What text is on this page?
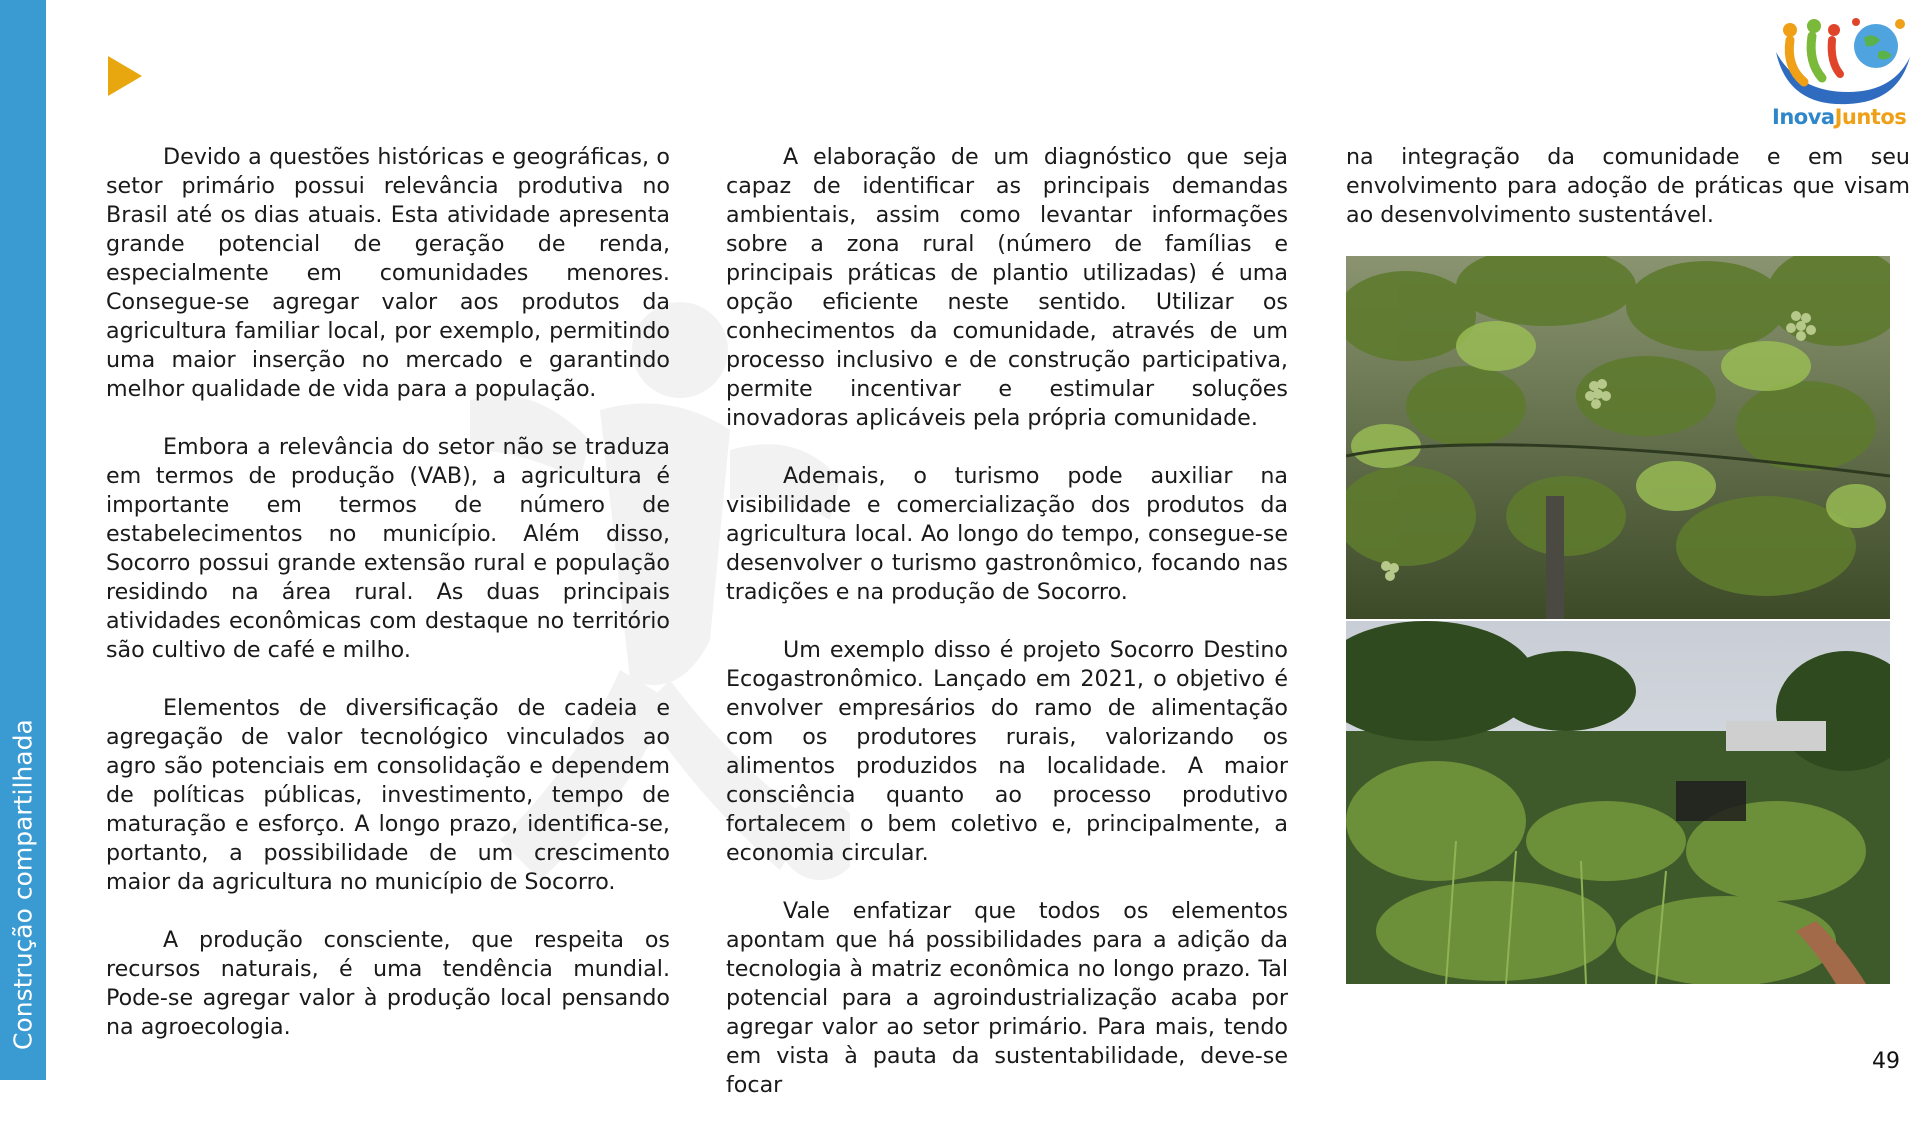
Construção compartilhada

Devido a questões históricas e geográficas, o setor primário possui relevância produtiva no Brasil até os dias atuais. Esta atividade apresenta grande potencial de geração de renda, especialmente em comunidades menores. Consegue-se agregar valor aos produtos da agricultura familiar local, por exemplo, permitindo uma maior inserção no mercado e garantindo melhor qualidade de vida para a população.

Embora a relevância do setor não se traduza em termos de produção (VAB), a agricultura é importante em termos de número de estabelecimentos no município. Além disso, Socorro possui grande extensão rural e população residindo na área rural. As duas principais atividades econômicas com destaque no território são cultivo de café e milho.

Elementos de diversificação de cadeia e agregação de valor tecnológico vinculados ao agro são potenciais em consolidação e dependem de políticas públicas, investimento, tempo de maturação e esforço. A longo prazo, identifica-se, portanto, a possibilidade de um crescimento maior da agricultura no município de Socorro.

A produção consciente, que respeita os recursos naturais, é uma tendência mundial. Pode-se agregar valor à produção local pensando na agroecologia.

A elaboração de um diagnóstico que seja capaz de identificar as principais demandas ambientais, assim como levantar informações sobre a zona rural (número de famílias e principais práticas de plantio utilizadas) é uma opção eficiente neste sentido. Utilizar os conhecimentos da comunidade, através de um processo inclusivo e de construção participativa, permite incentivar e estimular soluções inovadoras aplicáveis pela própria comunidade.

Ademais, o turismo pode auxiliar na visibilidade e comercialização dos produtos da agricultura local. Ao longo do tempo, consegue-se desenvolver o turismo gastronômico, focando nas tradições e na produção de Socorro.

Um exemplo disso é projeto Socorro Destino Ecogastronômico. Lançado em 2021, o objetivo é envolver empresários do ramo de alimentação com os produtores rurais, valorizando os alimentos produzidos na localidade. A maior consciência quanto ao processo produtivo fortalecem o bem coletivo e, principalmente, a economia circular.

Vale enfatizar que todos os elementos apontam que há possibilidades para a adição da tecnologia à matriz econômica no longo prazo. Tal potencial para a agroindustrialização acaba por agregar valor ao setor primário. Para mais, tendo em vista à pauta da sustentabilidade, deve-se focar

na integração da comunidade e em seu envolvimento para adoção de práticas que visam ao desenvolvimento sustentável.

InovaJuntos
49
